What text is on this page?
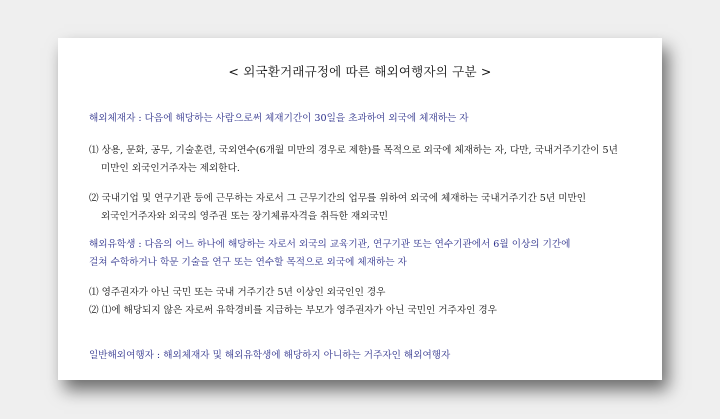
< 외국환거래규정에 따른 해외여행자의 구분 >
해외체재자 : 다음에 해당하는 사람으로써 체재기간이 30일을 초과하여 외국에 체재하는 자
⑴ 상용, 문화, 공무, 기술훈련, 국외연수(6개월 미만의 경우로 제한)를 목적으로 외국에 체재하는 자, 다만, 국내거주기간이 5년
미만인 외국인거주자는 제외한다.
⑵ 국내기업 및 연구기관 등에 근무하는 자로서 그 근무기간의 업무를 위하여 외국에 체재하는 국내거주기간 5년 미만인
외국인거주자와 외국의 영주권 또는 장기체류자격을 취득한 재외국민
해외유학생 : 다음의 어느 하나에 해당하는 자로서 외국의 교육기관, 연구기관 또는 연수기관에서 6월 이상의 기간에
걸쳐 수학하거나 학문 기술을 연구 또는 연수할 목적으로 외국에 체재하는 자
⑴ 영주권자가 아닌 국민 또는 국내 거주기간 5년 이상인 외국인인 경우
⑵ ⑴에 해당되지 않은 자로써 유학경비를 지급하는 부모가 영주권자가 아닌 국민인 거주자인 경우
일반해외여행자 : 해외체재자 및 해외유학생에 해당하지 아니하는 거주자인 해외여행자
